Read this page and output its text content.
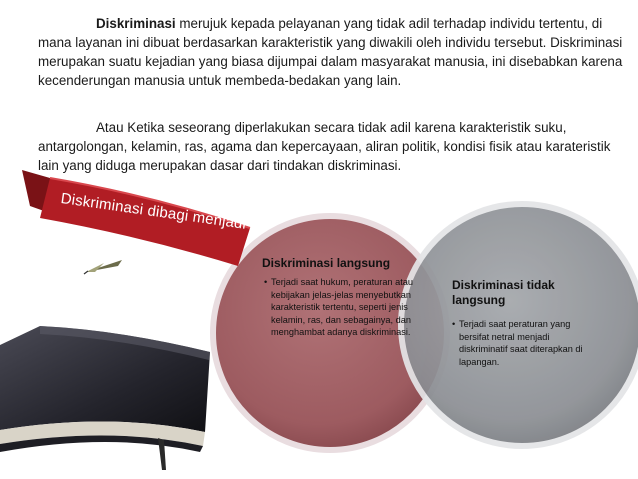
Diskriminasi merujuk kepada pelayanan yang tidak adil terhadap individu tertentu, di mana layanan ini dibuat berdasarkan karakteristik yang diwakili oleh individu tersebut. Diskriminasi merupakan suatu kejadian yang biasa dijumpai dalam masyarakat manusia, ini disebabkan karena kecenderungan manusia untuk membeda-bedakan yang lain.

Atau Ketika seseorang diperlakukan secara tidak adil karena karakteristik suku, antargolongan, kelamin, ras, agama dan kepercayaan, aliran politik, kondisi fisik atau karateristik lain yang diduga merupakan dasar dari tindakan diskriminasi.

Diskriminasi dibagi menjadi
Diskriminasi langsung
•Terjadi saat hukum, peraturan atau kebijakan jelas-jelas menyebutkan karakteristik tertentu, seperti jenis kelamin, ras, dan sebagainya, dan menghambat adanya diskriminasi.
Diskriminasi tidak langsung
•Terjadi saat peraturan yang bersifat netral menjadi diskriminatif saat diterapkan di lapangan.
